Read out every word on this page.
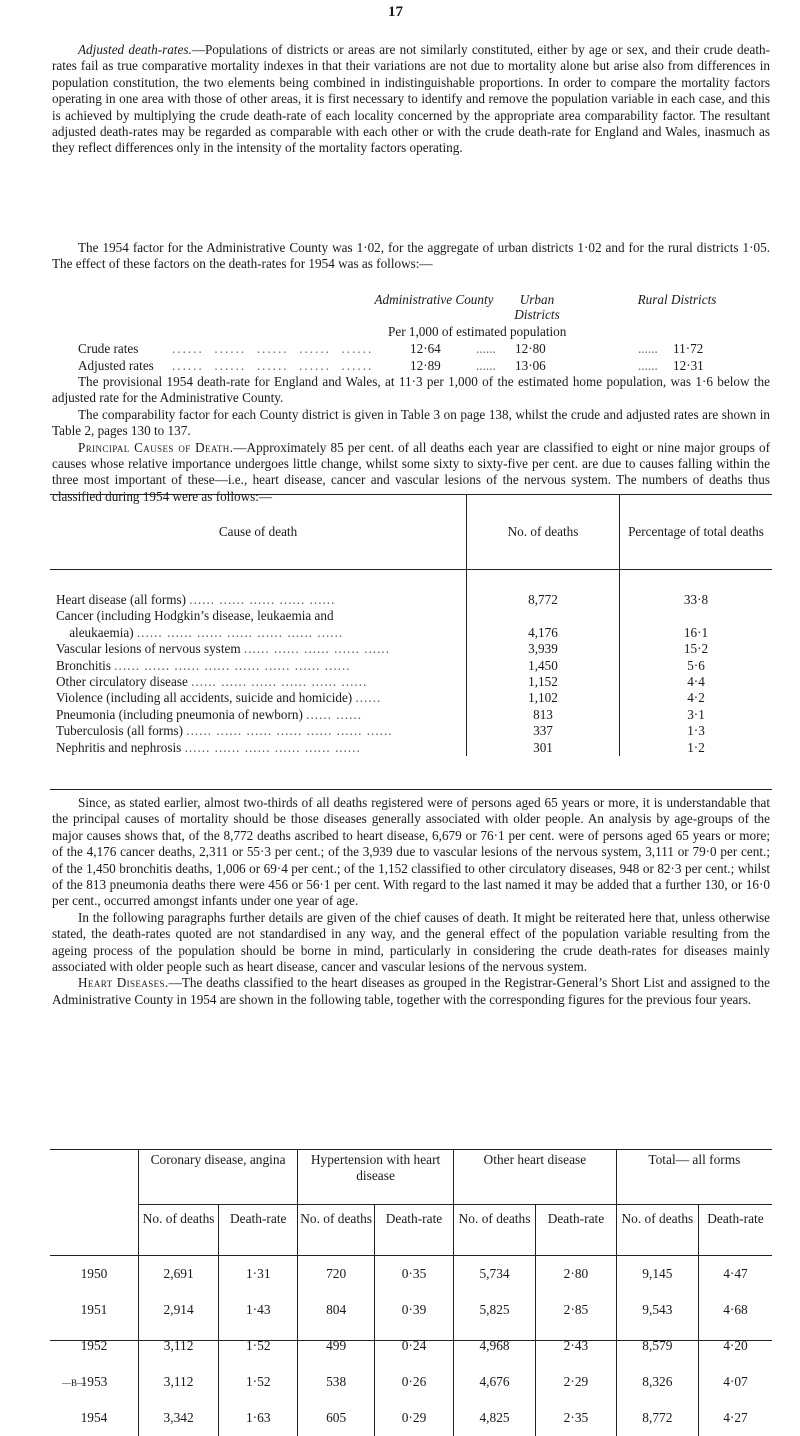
17

Adjusted death-rates.—Populations of districts or areas are not similarly constituted, either by age or sex, and their crude death-rates fail as true comparative mortality indexes in that their variations are not due to mortality alone but arise also from differences in population constitution, the two elements being combined in indistinguishable proportions. In order to compare the mortality factors operating in one area with those of other areas, it is first necessary to identify and remove the population variable in each case, and this is achieved by multiplying the crude death-rate of each locality concerned by the appropriate area comparability factor. The resultant adjusted death-rates may be regarded as comparable with each other or with the crude death-rate for England and Wales, inasmuch as they reflect differences only in the intensity of the mortality factors operating.

The 1954 factor for the Administrative County was 1·02, for the aggregate of urban districts 1·02 and for the rural districts 1·05. The effect of these factors on the death-rates for 1954 was as follows:—

Administrative County	Urban Districts
Rural Districts
Per 1,000 of estimated population
Crude rates	......  ......  ......  ......  ......	12·64	...... 12·80	...... 11·72
Adjusted rates ......  ......  ......  ......  ......	12·89	...... 13·06	...... 12·31

The provisional 1954 death-rate for England and Wales, at 11·3 per 1,000 of the estimated home population, was 1·6 below the adjusted rate for the Administrative County.

The comparability factor for each County district is given in Table 3 on page 138, whilst the crude and adjusted rates are shown in Table 2, pages 130 to 137.

Principal Causes of Death.—Approximately 85 per cent. of all deaths each year are classified to eight or nine major groups of causes whose relative importance undergoes little change, whilst some sixty to sixty-five per cent. are due to causes falling within the three most important of these—i.e., heart disease, cancer and vascular lesions of the nervous system. The numbers of deaths thus classified during 1954 were as follows:—

Cause of death	No. of deaths	Percentage of total deaths
Heart disease (all forms) ...... ...... ...... ...... ......	8,772	33·8
Cancer (including Hodgkin’s disease, leukaemia and
aleukaemia) ...... ...... ...... ...... ...... ...... ......	4,176	16·1
Vascular lesions of nervous system ...... ...... ...... ...... ......	3,939	15·2
Bronchitis ...... ...... ...... ...... ...... ...... ...... ......	1,450	5·6
Other circulatory disease ...... ...... ...... ...... ...... ......	1,152	4·4
Violence (including all accidents, suicide and homicide) ......	1,102	4·2
Pneumonia (including pneumonia of newborn) ...... ......	813	3·1
Tuberculosis (all forms) ...... ...... ...... ...... ...... ...... ......	337	1·3
Nephritis and nephrosis ...... ...... ...... ...... ...... ......	301	1·2

Since, as stated earlier, almost two-thirds of all deaths registered were of persons aged 65 years or more, it is understandable that the principal causes of mortality should be those diseases generally associated with older people. An analysis by age-groups of the major causes shows that, of the 8,772 deaths ascribed to heart disease, 6,679 or 76·1 per cent. were of persons aged 65 years or more; of the 4,176 cancer deaths, 2,311 or 55·3 per cent.; of the 3,939 due to vascular lesions of the nervous system, 3,111 or 79·0 per cent.; of the 1,450 bronchitis deaths, 1,006 or 69·4 per cent.; of the 1,152 classified to other circulatory diseases, 948 or 82·3 per cent.; whilst of the 813 pneumonia deaths there were 456 or 56·1 per cent. With regard to the last named it may be added that a further 130, or 16·0 per cent., occurred amongst infants under one year of age.

In the following paragraphs further details are given of the chief causes of death. It might be reiterated here that, unless otherwise stated, the death-rates quoted are not standardised in any way, and the general effect of the population variable resulting from the ageing process of the population should be borne in mind, particularly in considering the crude death-rates for diseases mainly associated with older people such as heart disease, cancer and vascular lesions of the nervous system.

Heart Diseases.—The deaths classified to the heart diseases as grouped in the Registrar-General’s Short List and assigned to the Administrative County in 1954 are shown in the following table, together with the corresponding figures for the previous four years.

	Coronary disease, angina		Hypertension with heart disease		Other heart disease		Total— all forms	
	No. of deaths	Death-rate	No. of deaths	Death-rate	No. of deaths	Death-rate	No. of deaths	Death-rate
1950	2,691	1·31	720	0·35	5,734	2·80	9,145	4·47
1951	2,914	1·43	804	0·39	5,825	2·85	9,543	4·68
1952	3,112	1·52	499	0·24	4,968	2·43	8,579	4·20
1953	3,112	1·52	538	0·26	4,676	2·29	8,326	4·07
1954	3,342	1·63	605	0·29	4,825	2·35	8,772	4·27
—B—
